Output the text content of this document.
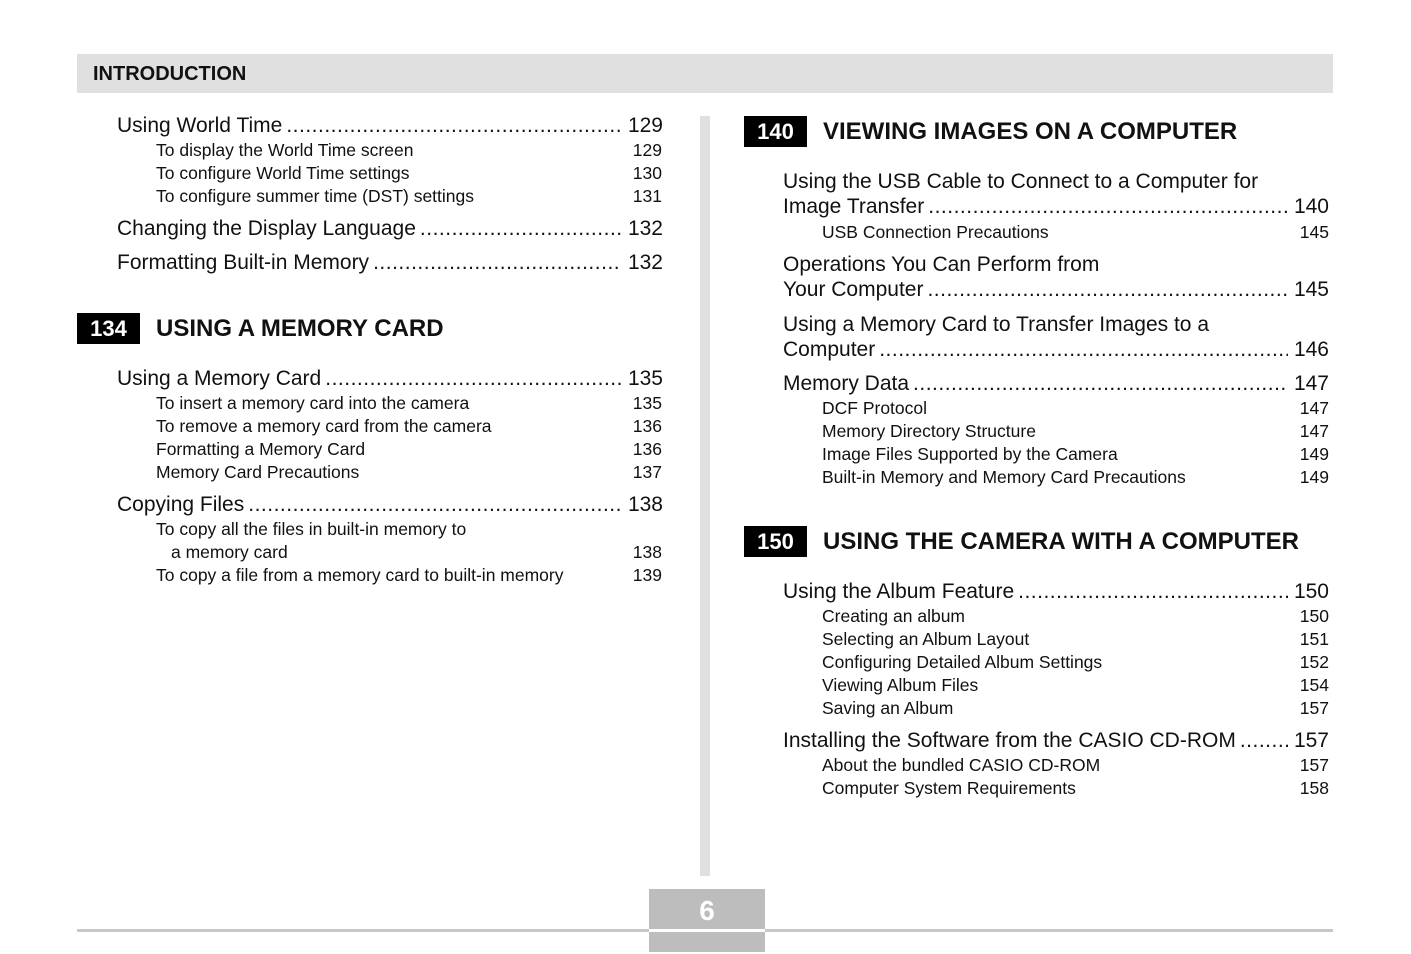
INTRODUCTION
Using World Time .....	129
To display the World Time screen	129
To configure World Time settings	130
To configure summer time (DST) settings	131
Changing the Display Language .....	132
Formatting Built-in Memory .....	132
134	USING A MEMORY CARD
Using a Memory Card .....	135
To insert a memory card into the camera	135
To remove a memory card from the camera	136
Formatting a Memory Card	136
Memory Card Precautions	137
Copying Files .....	138
To copy all the files in built-in memory to
a memory card	138
To copy a file from a memory card to built-in memory	139
140	VIEWING IMAGES ON A COMPUTER
Using the USB Cable to Connect to a Computer for
Image Transfer .....	140
USB Connection Precautions	145
Operations You Can Perform from
Your Computer .....	145
Using a Memory Card to Transfer Images to a
Computer .....	146
Memory Data .....	147
DCF Protocol	147
Memory Directory Structure	147
Image Files Supported by the Camera	149
Built-in Memory and Memory Card Precautions	149
150	USING THE CAMERA WITH A COMPUTER
Using the Album Feature .....	150
Creating an album	150
Selecting an Album Layout	151
Configuring Detailed Album Settings	152
Viewing Album Files	154
Saving an Album	157
Installing the Software from the CASIO CD-ROM .....	157
About the bundled CASIO CD-ROM	157
Computer System Requirements	158
6
